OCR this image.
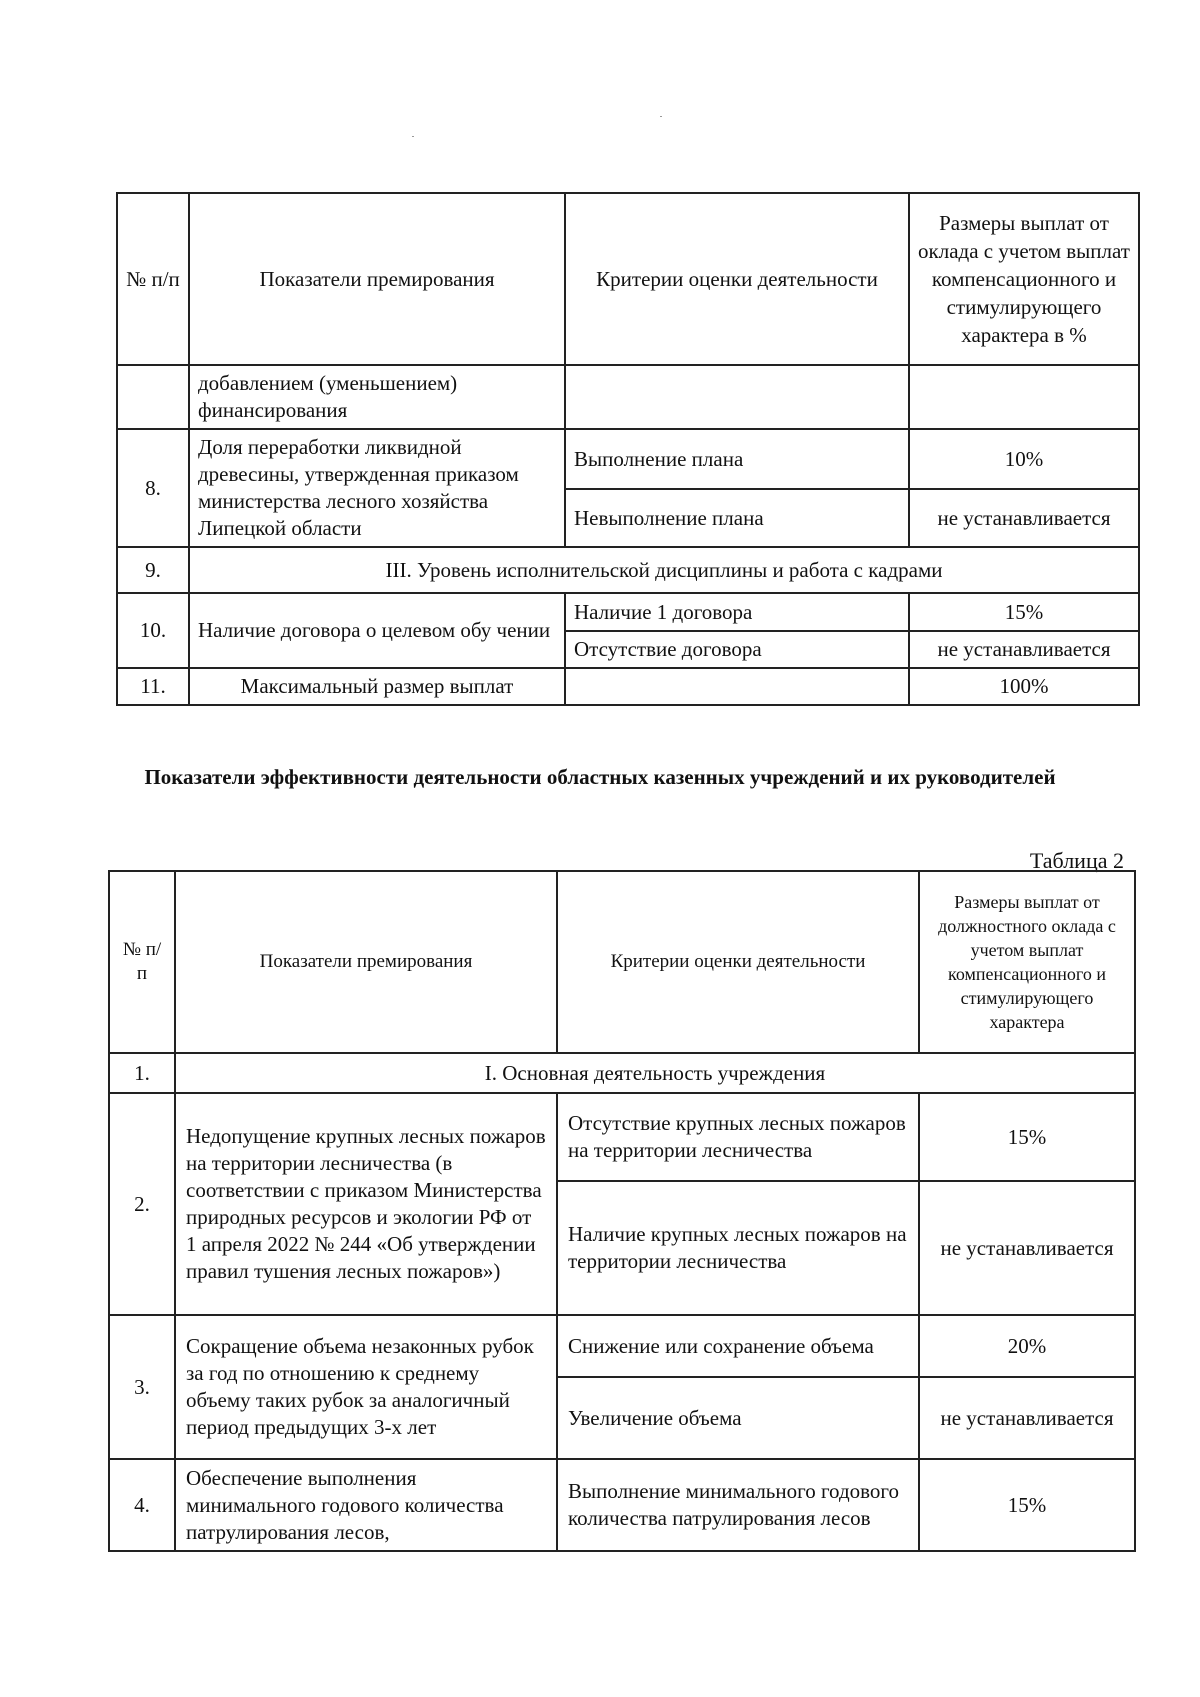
№ п/п	Показатели премирования	Критерии оценки деятельности	Размеры выплат от оклада с учетом выплат компенсационного и стимулирующего характера в %
	добавлением (уменьшением) финансирования		
8.	Доля переработки ликвидной древесины, утвержденная приказом министерства лесного хозяйства Липецкой области	Выполнение плана	10%
		Невыполнение плана	не устанавливается
9.	III. Уровень исполнительской дисциплины и работа с кадрами		
10.	Наличие договора о целевом обу чении	Наличие 1 договора	15%
		Отсутствие договора	не устанавливается
11.	Максимальный размер выплат		100%
Показатели эффективности деятельности областных казенных учреждений и их руководителей
Таблица 2
№ п/п	Показатели премирования	Критерии оценки деятельности	Размеры выплат от должностного оклада с учетом выплат компенсационного и стимулирующего характера
1.	I. Основная деятельность учреждения		
2.	Недопущение крупных лесных пожаров на территории лесничества (в соответствии с приказом Министерства природных ресурсов и экологии РФ от 1 апреля 2022 № 244 «Об утверждении правил тушения лесных пожаров»)	Отсутствие крупных лесных пожаров на территории лесничества	15%
		Наличие крупных лесных пожаров на территории лесничества	не устанавливается
3.	Сокращение объема незаконных рубок за год по отношению к среднему объему таких рубок за аналогичный период предыдущих 3-х лет	Снижение или сохранение объема	20%
		Увеличение объема	не устанавливается
4.	Обеспечение выполнения минимального годового количества патрулирования лесов,	Выполнение минимального годового количества патрулирования лесов	15%
